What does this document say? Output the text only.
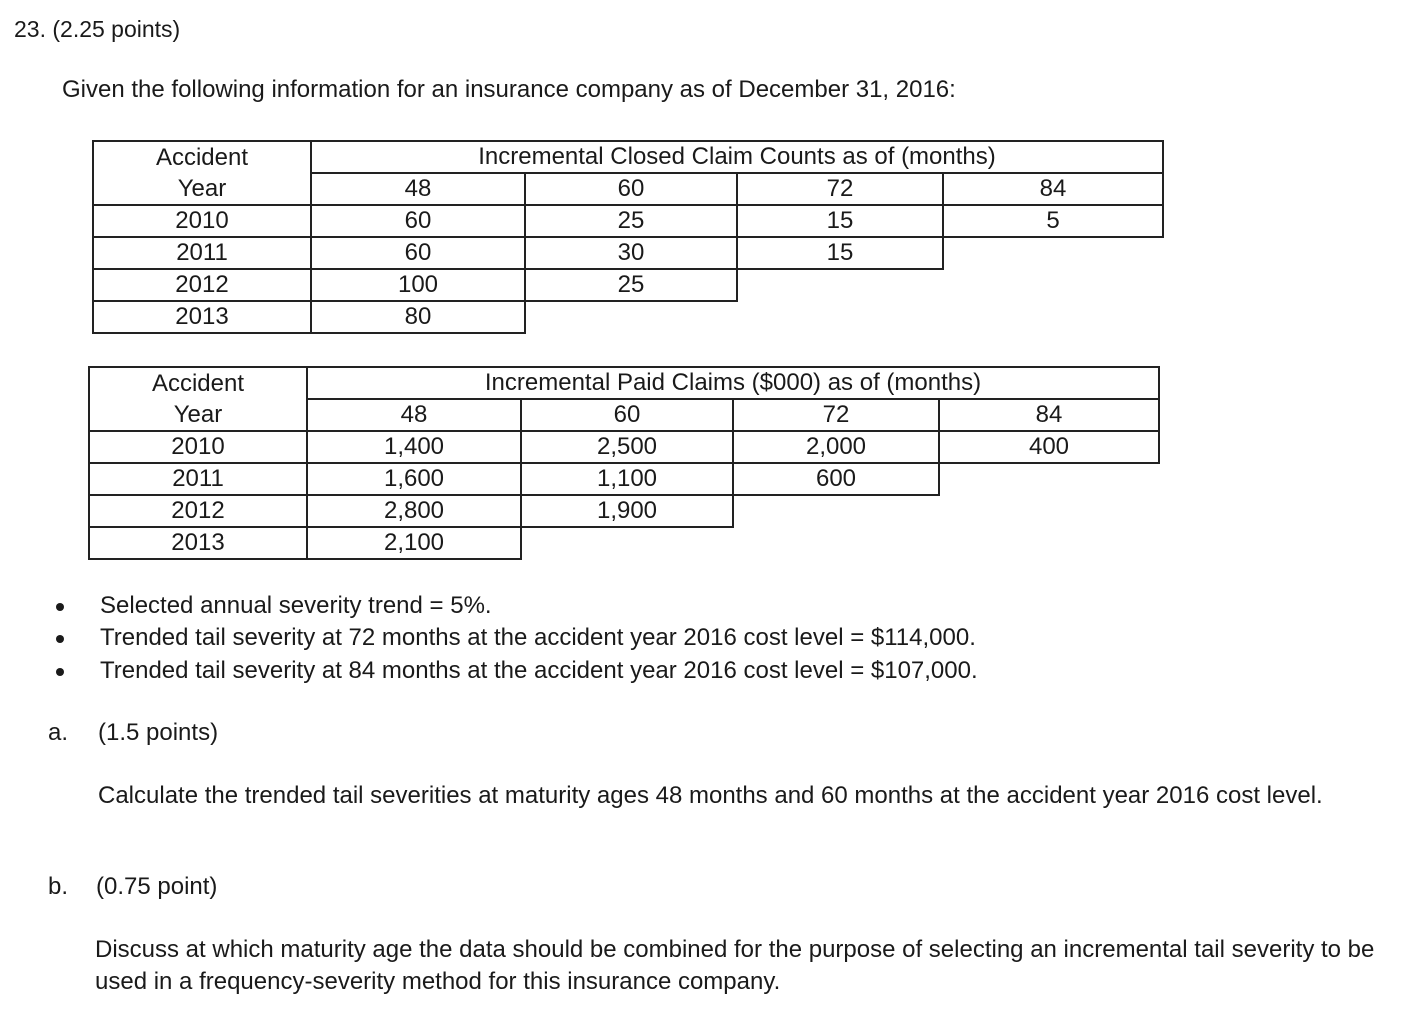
23. (2.25 points)
Given the following information for an insurance company as of December 31, 2016:
Accident	Incremental Closed Claim Counts as of (months)			
Year	48	60	72	84
2010	60	25	15	5
2011	60	30	15	
2012	100	25		
2013	80			
Accident	Incremental Paid Claims ($000) as of (months)			
Year	48	60	72	84
2010	1,400	2,500	2,000	400
2011	1,600	1,100	600	
2012	2,800	1,900		
2013	2,100			
Selected annual severity trend = 5%.
Trended tail severity at 72 months at the accident year 2016 cost level = $114,000.
Trended tail severity at 84 months at the accident year 2016 cost level = $107,000.
a. (1.5 points)
Calculate the trended tail severities at maturity ages 48 months and 60 months at the accident year 2016 cost level.
b. (0.75 point)
Discuss at which maturity age the data should be combined for the purpose of selecting an incremental tail severity to be used in a frequency-severity method for this insurance company.
